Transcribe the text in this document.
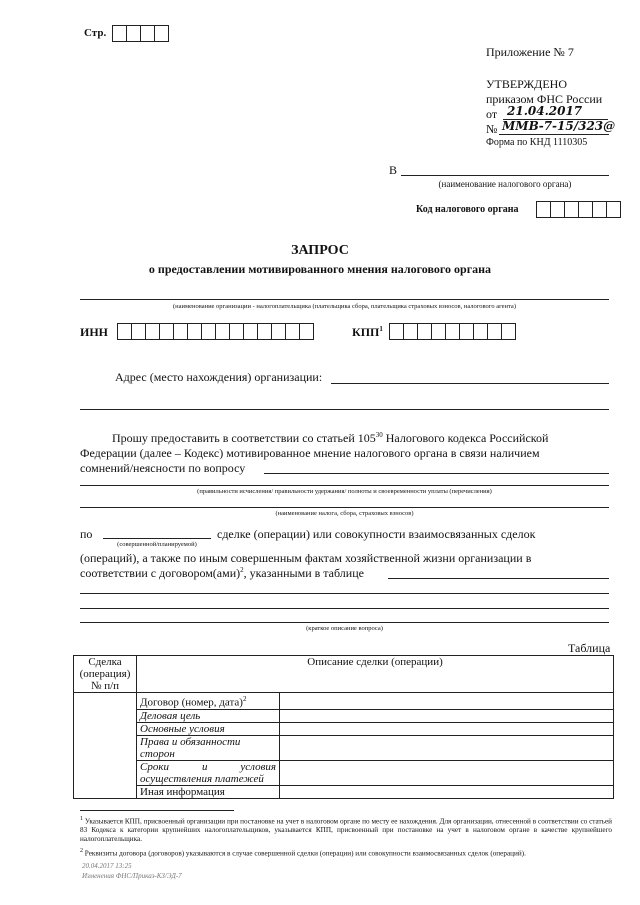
Стр.
Приложение № 7
УТВЕРЖДЕНО
приказом ФНС России
от 21.04.2017
№ ММВ-7-15/323@
Форма по КНД 1110305
В
(наименование налогового органа)
Код налогового органа
ЗАПРОС
о предоставлении мотивированного мнения налогового органа
(наименование организации - налогоплательщика (плательщика сбора, плательщика страховых взносов, налогового агента)
ИНН	КПП$^1$
Адрес (место нахождения) организации:
Прошу предоставить в соответствии со статьей $105^{30}$ Налогового кодекса Российской
Федерации (далее – Кодекс) мотивированное мнение налогового органа в связи наличием
сомнений/неясности по вопросу
(правильности исчисления/ правильности удержания/ полноты и своевременности уплаты (перечисления)
(наименование налога, сбора, страховых взносов)
по
(совершенной/планируемой)
сделке (операции) или совокупности взаимосвязанных сделок
(операций), а также по иным совершенным фактам хозяйственной жизни организации в
соответствии с договором(ами)$^2$, указанными в таблице
(краткое описание вопроса)
Таблица
Сделка (операция) № п/п	Описание сделки (операции)	
	Договор (номер, дата)$^2$	
	Деловая цель	
	Основные условия	
	Права и обязанности сторон	
	Сроки и условия осуществления платежей	
	Иная информация	
$^1$ Указывается КПП, присвоенный организации при постановке на учет в налоговом органе по месту ее нахождения. Для организации, отнесенной в соответствии со статьей 83 Кодекса к категории крупнейших налогоплательщиков, указывается КПП, присвоенный при постановке на учет в налоговом органе в качестве крупнейшего налогоплательщика.
$^2$ Реквизиты договора (договоров) указываются в случае совершенной сделки (операции) или совокупности взаимосвязанных сделок (операций).
20.04.2017 13:25
Изменения ФНС/Приказ-КЗ/ЭД-7
